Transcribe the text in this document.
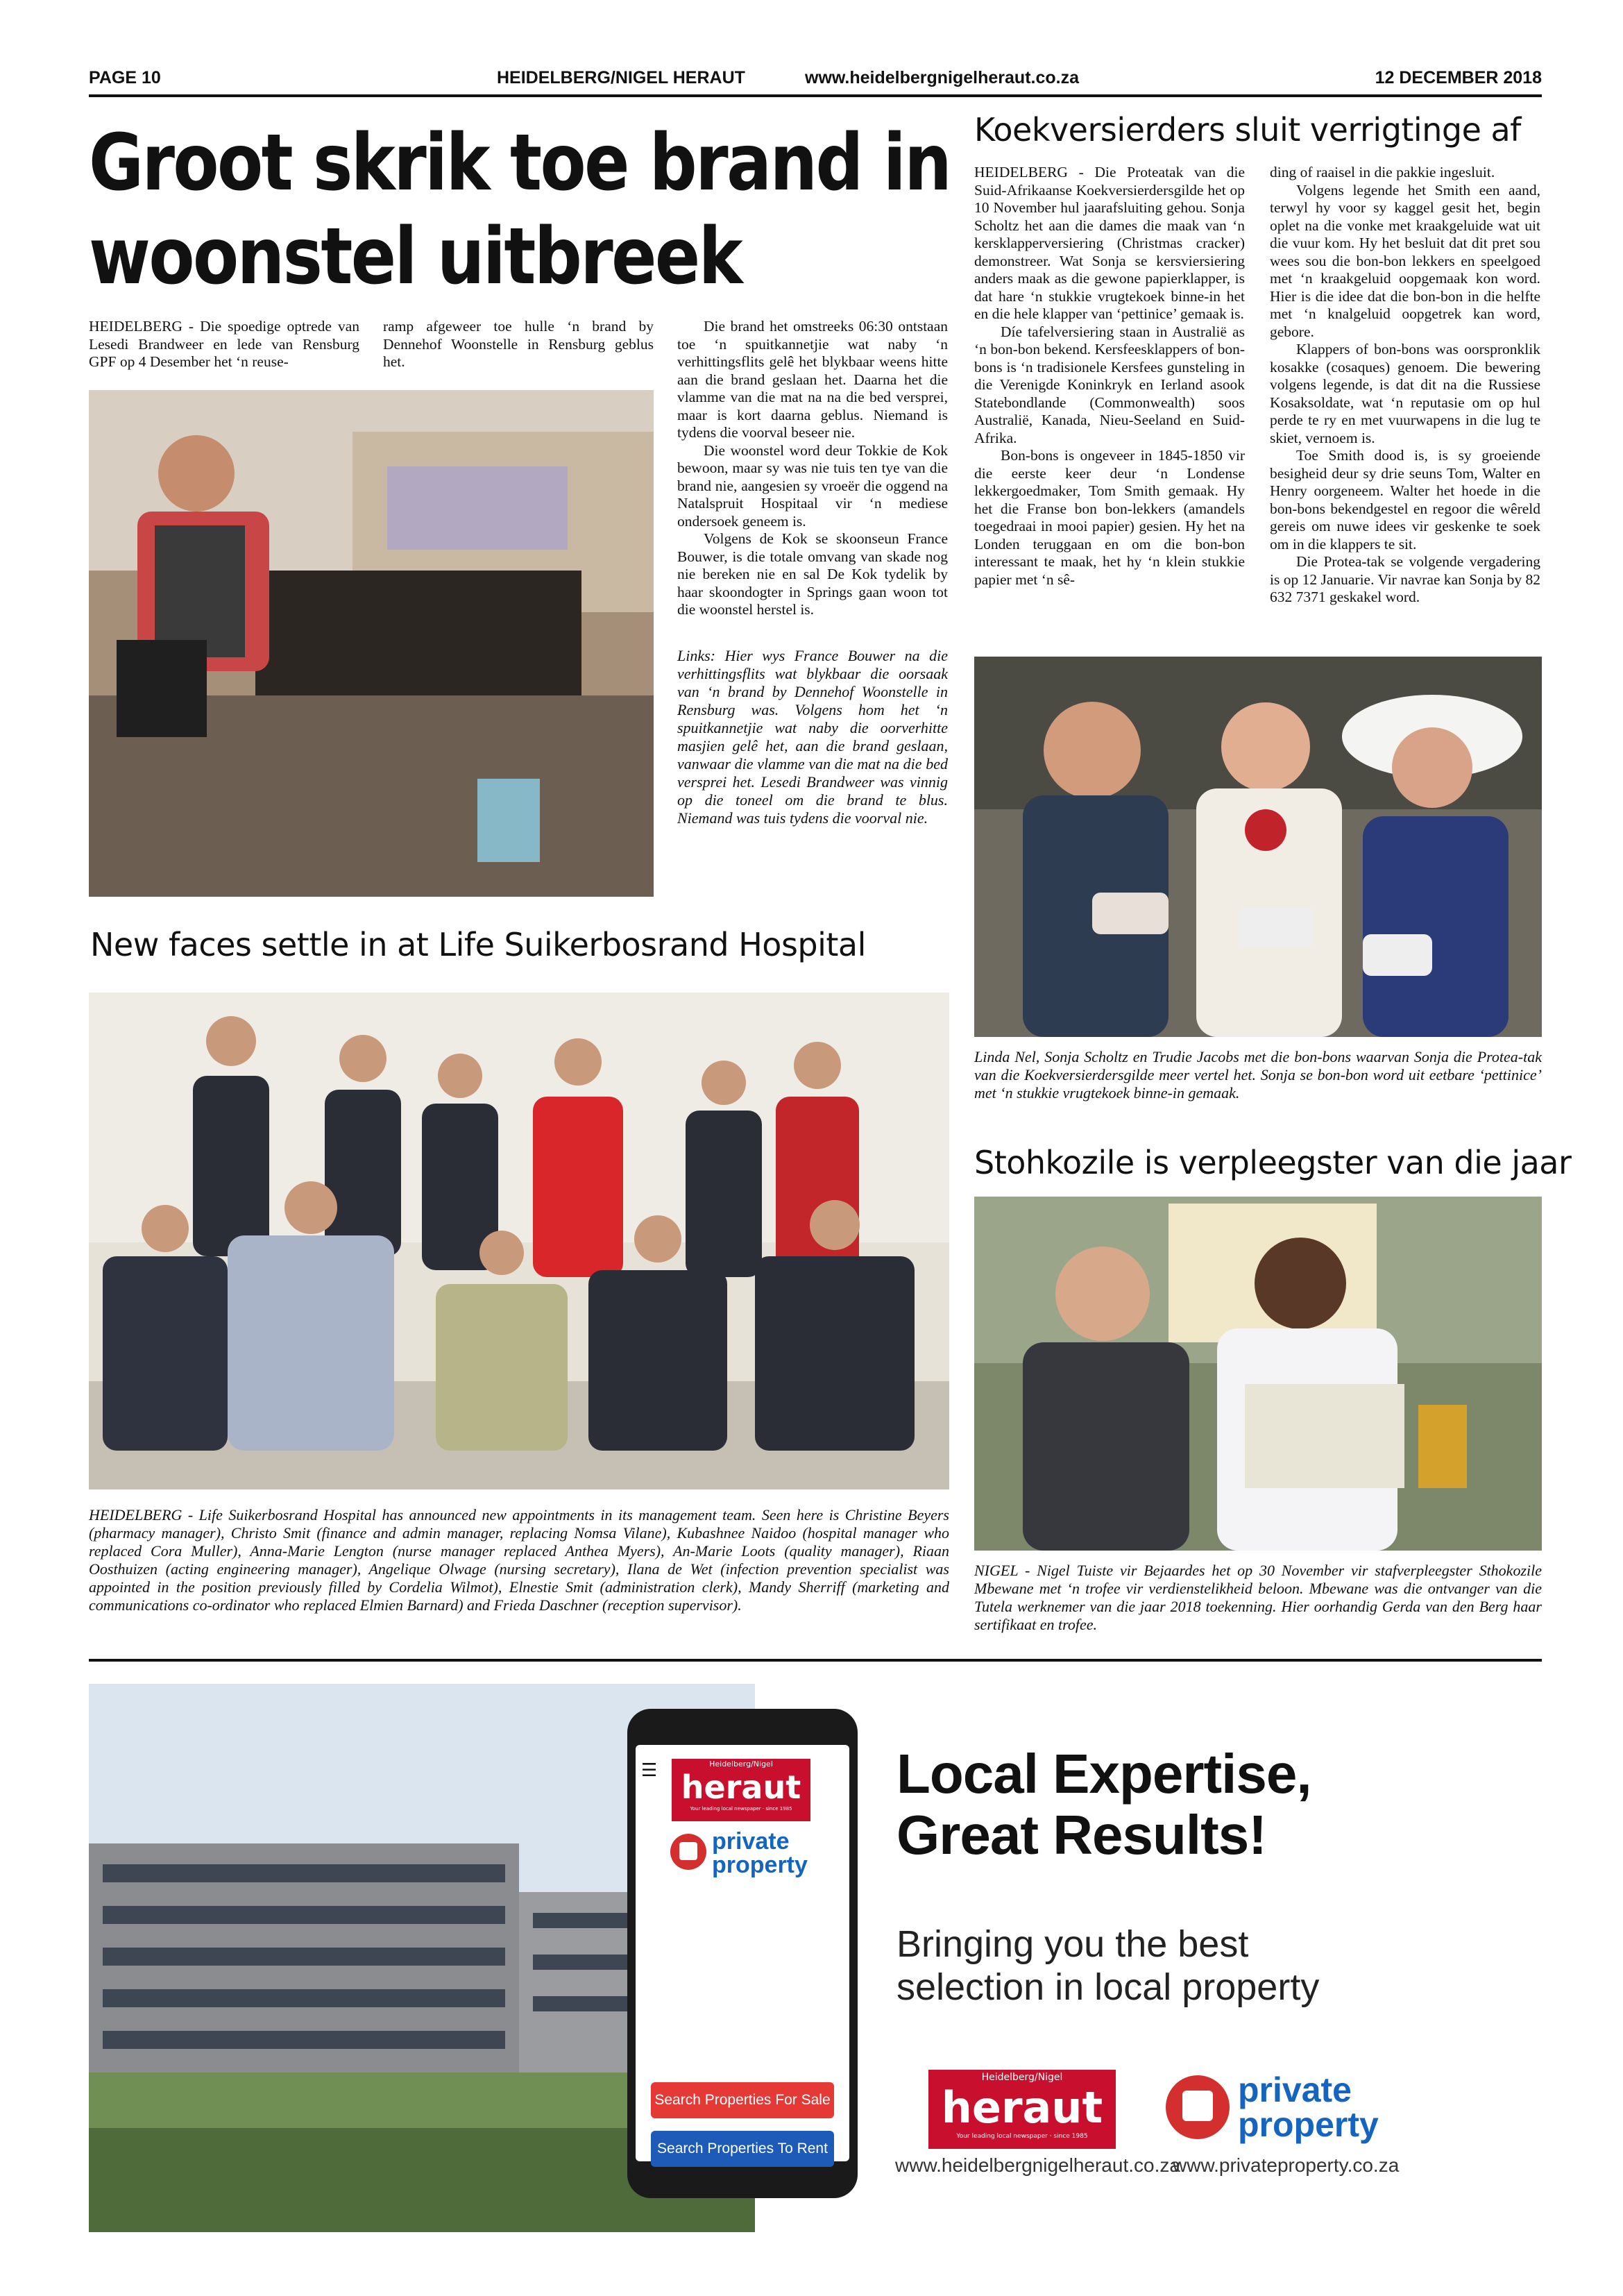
PAGE 10	HEIDELBERG/NIGEL HERAUT	www.heidelbergnigelheraut.co.za	12 DECEMBER 2018
Groot skrik toe brand in
woonstel uitbreek

HEIDELBERG - Die spoedige optrede van Lesedi Brandweer en lede van Rensburg GPF op 4 Desember het ‘n reuse-

ramp afgeweer toe hulle ‘n brand by Dennehof Woonstelle in Rensburg geblus het.

Die brand het omstreeks 06:30 ontstaan toe ‘n spuitkannetjie wat naby ‘n verhittingsflits gelê het blykbaar weens hitte aan die brand geslaan het. Daarna het die vlamme van die mat na na die bed versprei, maar is kort daarna geblus. Niemand is tydens die voorval beseer nie.

Die woonstel word deur Tokkie de Kok bewoon, maar sy was nie tuis ten tye van die brand nie, aangesien sy vroeër die oggend na Natalspruit Hospitaal vir ‘n mediese ondersoek geneem is.

Volgens de Kok se skoonseun France Bouwer, is die totale omvang van skade nog nie bereken nie en sal De Kok tydelik by haar skoondogter in Springs gaan woon tot die woonstel herstel is.

Links: Hier wys France Bouwer na die verhittingsflits wat blykbaar die oorsaak van ‘n brand by Dennehof Woonstelle in Rensburg was. Volgens hom het ‘n spuitkannetjie wat naby die oorverhitte masjien gelê het, aan die brand geslaan, vanwaar die vlamme van die mat na die bed versprei het. Lesedi Brandweer was vinnig op die toneel om die brand te blus. Niemand was tuis tydens die voorval nie.
New faces settle in at Life Suikerbosrand Hospital
HEIDELBERG - Life Suikerbosrand Hospital has announced new appointments in its management team. Seen here is Christine Beyers (pharmacy manager), Christo Smit (finance and admin manager, replacing Nomsa Vilane), Kubashnee Naidoo (hospital manager who replaced Cora Muller), Anna-Marie Lengton (nurse manager replaced Anthea Myers), An-Marie Loots (quality manager), Riaan Oosthuizen (acting engineering manager), Angelique Olwage (nursing secretary), Ilana de Wet (infection prevention specialist was appointed in the position previously filled by Cordelia Wilmot), Elnestie Smit (administration clerk), Mandy Sherriff (marketing and communications co-ordinator who replaced Elmien Barnard) and Frieda Daschner (reception supervisor).
Koekversierders sluit verrigtinge af

HEIDELBERG - Die Proteatak van die Suid-Afrikaanse Koekversierdersgilde het op 10 November hul jaarafsluiting gehou. Sonja Scholtz het aan die dames die maak van ‘n kersklapperversiering (Christmas cracker) demonstreer. Wat Sonja se kersviersiering anders maak as die gewone papierklapper, is dat hare ‘n stukkie vrugtekoek binne-in het en die hele klapper van ‘pettinice’ gemaak is.

Díe tafelversiering staan in Australië as ‘n bon-bon bekend. Kersfeesklappers of bon-bons is ‘n tradisionele Kersfees gunsteling in die Verenigde Koninkryk en Ierland asook Statebondlande (Commonwealth) soos Australië, Kanada, Nieu-Seeland en Suid-Afrika.

Bon-bons is ongeveer in 1845-1850 vir die eerste keer deur ‘n Londense lekkergoedmaker, Tom Smith gemaak. Hy het die Franse bon bon-lekkers (amandels toegedraai in mooi papier) gesien. Hy het na Londen teruggaan en om die bon-bon interessant te maak, het hy ‘n klein stukkie papier met ‘n sê-

ding of raaisel in die pakkie ingesluit.

Volgens legende het Smith een aand, terwyl hy voor sy kaggel gesit het, begin oplet na die vonke met kraakgeluide wat uit die vuur kom. Hy het besluit dat dit pret sou wees sou die bon-bon lekkers en speelgoed met ‘n kraakgeluid oopgemaak kon word. Hier is die idee dat die bon-bon in die helfte met ‘n knalgeluid oopgetrek kan word, gebore.

Klappers of bon-bons was oorspronklik kosakke (cosaques) genoem. Die bewering volgens legende, is dat dit na die Russiese Kosaksoldate, wat ‘n reputasie om op hul perde te ry en met vuurwapens in die lug te skiet, vernoem is.

Toe Smith dood is, is sy groeiende besigheid deur sy drie seuns Tom, Walter en Henry oorgeneem. Walter het hoede in die bon-bons bekendgestel en regoor die wêreld gereis om nuwe idees vir geskenke te soek om in die klappers te sit.

Die Protea-tak se volgende vergadering is op 12 Januarie. Vir navrae kan Sonja by 82 632 7371 geskakel word.

Linda Nel, Sonja Scholtz en Trudie Jacobs met die bon-bons waarvan Sonja die Protea-tak van die Koekversierdersgilde meer vertel het. Sonja se bon-bon word uit eetbare ‘pettinice’ met ‘n stukkie vrugtekoek binne-in gemaak.
Stohkozile is verpleegster van die jaar
NIGEL - Nigel Tuiste vir Bejaardes het op 30 November vir stafverpleegster Sthokozile Mbewane met ‘n trofee vir verdienstelikheid beloon. Mbewane was die ontvanger van die Tutela werknemer van die jaar 2018 toekenning. Hier oorhandig Gerda van den Berg haar sertifikaat en trofee.
☰	Heidelberg/Nigel
heraut
Your leading local newspaper · since 1985
private
property
Search Properties For Sale
Search Properties To Rent
Local Expertise,
Great Results!
Bringing you the best
selection in local property
Heidelberg/Nigel
heraut
Your leading local newspaper · since 1985
private
property
www.heidelbergnigelheraut.co.za
www.privateproperty.co.za
